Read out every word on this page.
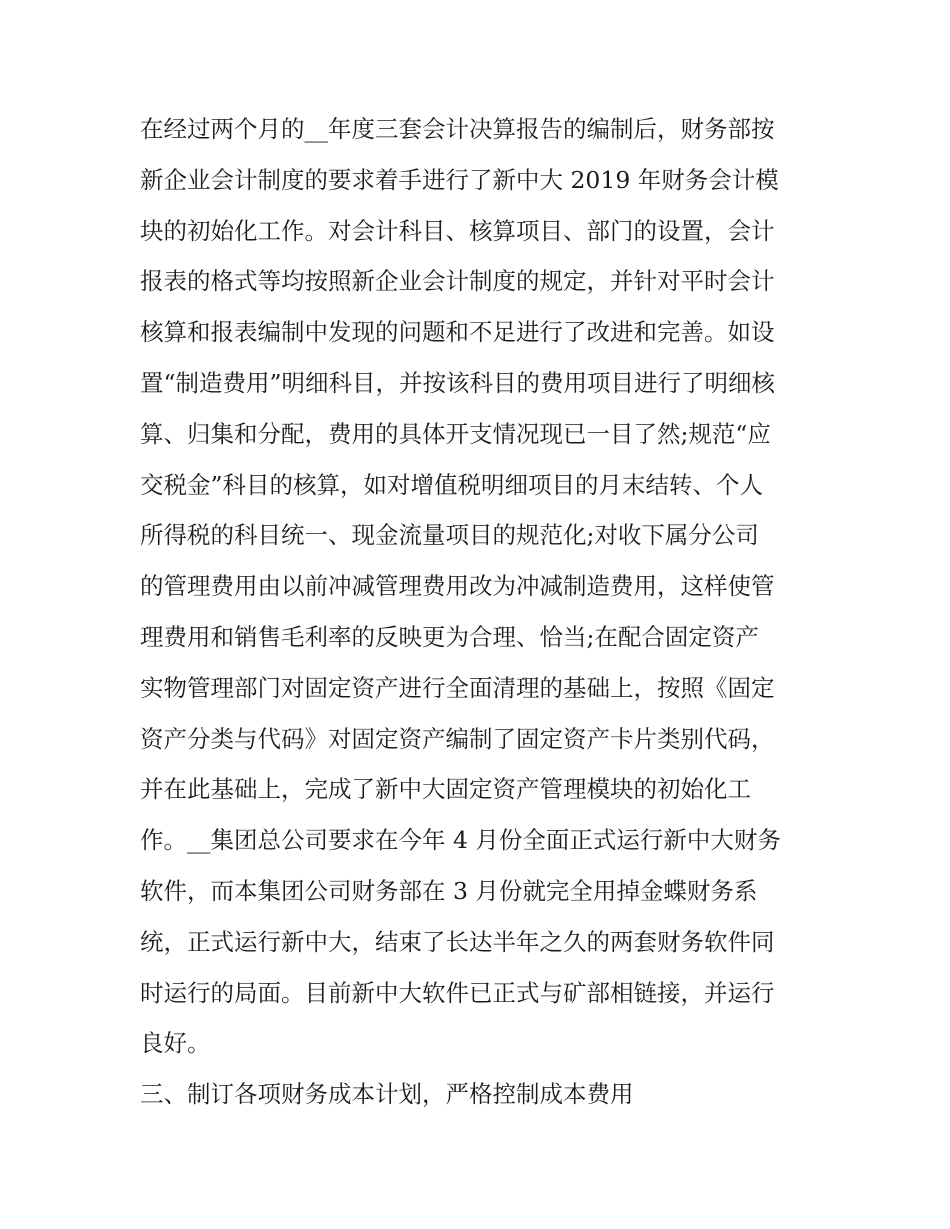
在经过两个月的__年度三套会计决算报告的编制后，财务部按
新企业会计制度的要求着手进行了新中大 2019 年财务会计模
块的初始化工作。对会计科目、核算项目、部门的设置，会计
报表的格式等均按照新企业会计制度的规定，并针对平时会计
核算和报表编制中发现的问题和不足进行了改进和完善。如设
置“制造费用”明细科目，并按该科目的费用项目进行了明细核
算、归集和分配，费用的具体开支情况现已一目了然;规范“应
交税金”科目的核算，如对增值税明细项目的月末结转、个人
所得税的科目统一、现金流量项目的规范化;对收下属分公司
的管理费用由以前冲减管理费用改为冲减制造费用，这样使管
理费用和销售毛利率的反映更为合理、恰当;在配合固定资产
实物管理部门对固定资产进行全面清理的基础上，按照《固定
资产分类与代码》对固定资产编制了固定资产卡片类别代码，
并在此基础上，完成了新中大固定资产管理模块的初始化工
作。__集团总公司要求在今年 4 月份全面正式运行新中大财务
软件，而本集团公司财务部在 3 月份就完全用掉金蝶财务系
统，正式运行新中大，结束了长达半年之久的两套财务软件同
时运行的局面。目前新中大软件已正式与矿部相链接，并运行
良好。
三、制订各项财务成本计划，严格控制成本费用
